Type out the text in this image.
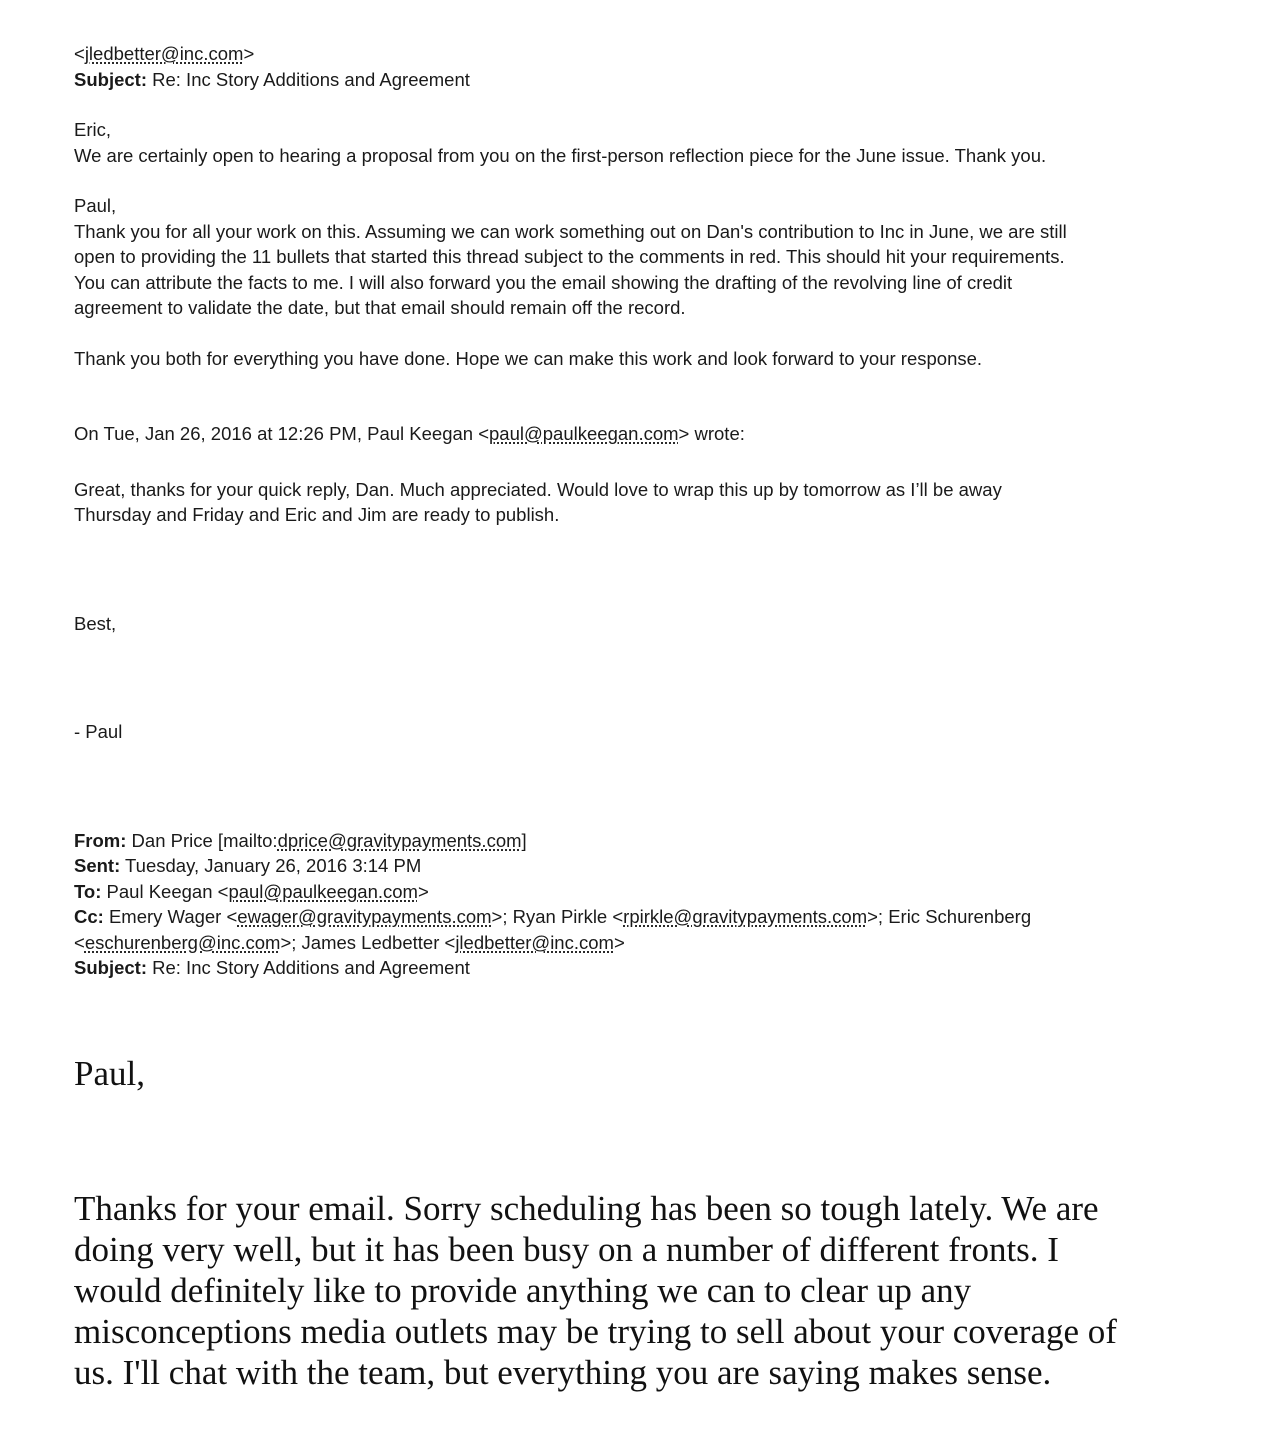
<jledbetter@inc.com>
Subject: Re: Inc Story Additions and Agreement
Eric,
We are certainly open to hearing a proposal from you on the first-person reflection piece for the June issue. Thank you.
Paul,
Thank you for all your work on this. Assuming we can work something out on Dan's contribution to Inc in June, we are still
open to providing the 11 bullets that started this thread subject to the comments in red. This should hit your requirements.
You can attribute the facts to me. I will also forward you the email showing the drafting of the revolving line of credit
agreement to validate the date, but that email should remain off the record.
Thank you both for everything you have done. Hope we can make this work and look forward to your response.
On Tue, Jan 26, 2016 at 12:26 PM, Paul Keegan <paul@paulkeegan.com> wrote:
Great, thanks for your quick reply, Dan. Much appreciated. Would love to wrap this up by tomorrow as I’ll be away
Thursday and Friday and Eric and Jim are ready to publish.
Best,
- Paul
From: Dan Price [mailto:dprice@gravitypayments.com]
Sent: Tuesday, January 26, 2016 3:14 PM
To: Paul Keegan <paul@paulkeegan.com>
Cc: Emery Wager <ewager@gravitypayments.com>; Ryan Pirkle <rpirkle@gravitypayments.com>; Eric Schurenberg
<eschurenberg@inc.com>; James Ledbetter <jledbetter@inc.com>
Subject: Re: Inc Story Additions and Agreement
Paul,
Thanks for your email. Sorry scheduling has been so tough lately. We are
doing very well, but it has been busy on a number of different fronts. I
would definitely like to provide anything we can to clear up any
misconceptions media outlets may be trying to sell about your coverage of
us. I'll chat with the team, but everything you are saying makes sense.
